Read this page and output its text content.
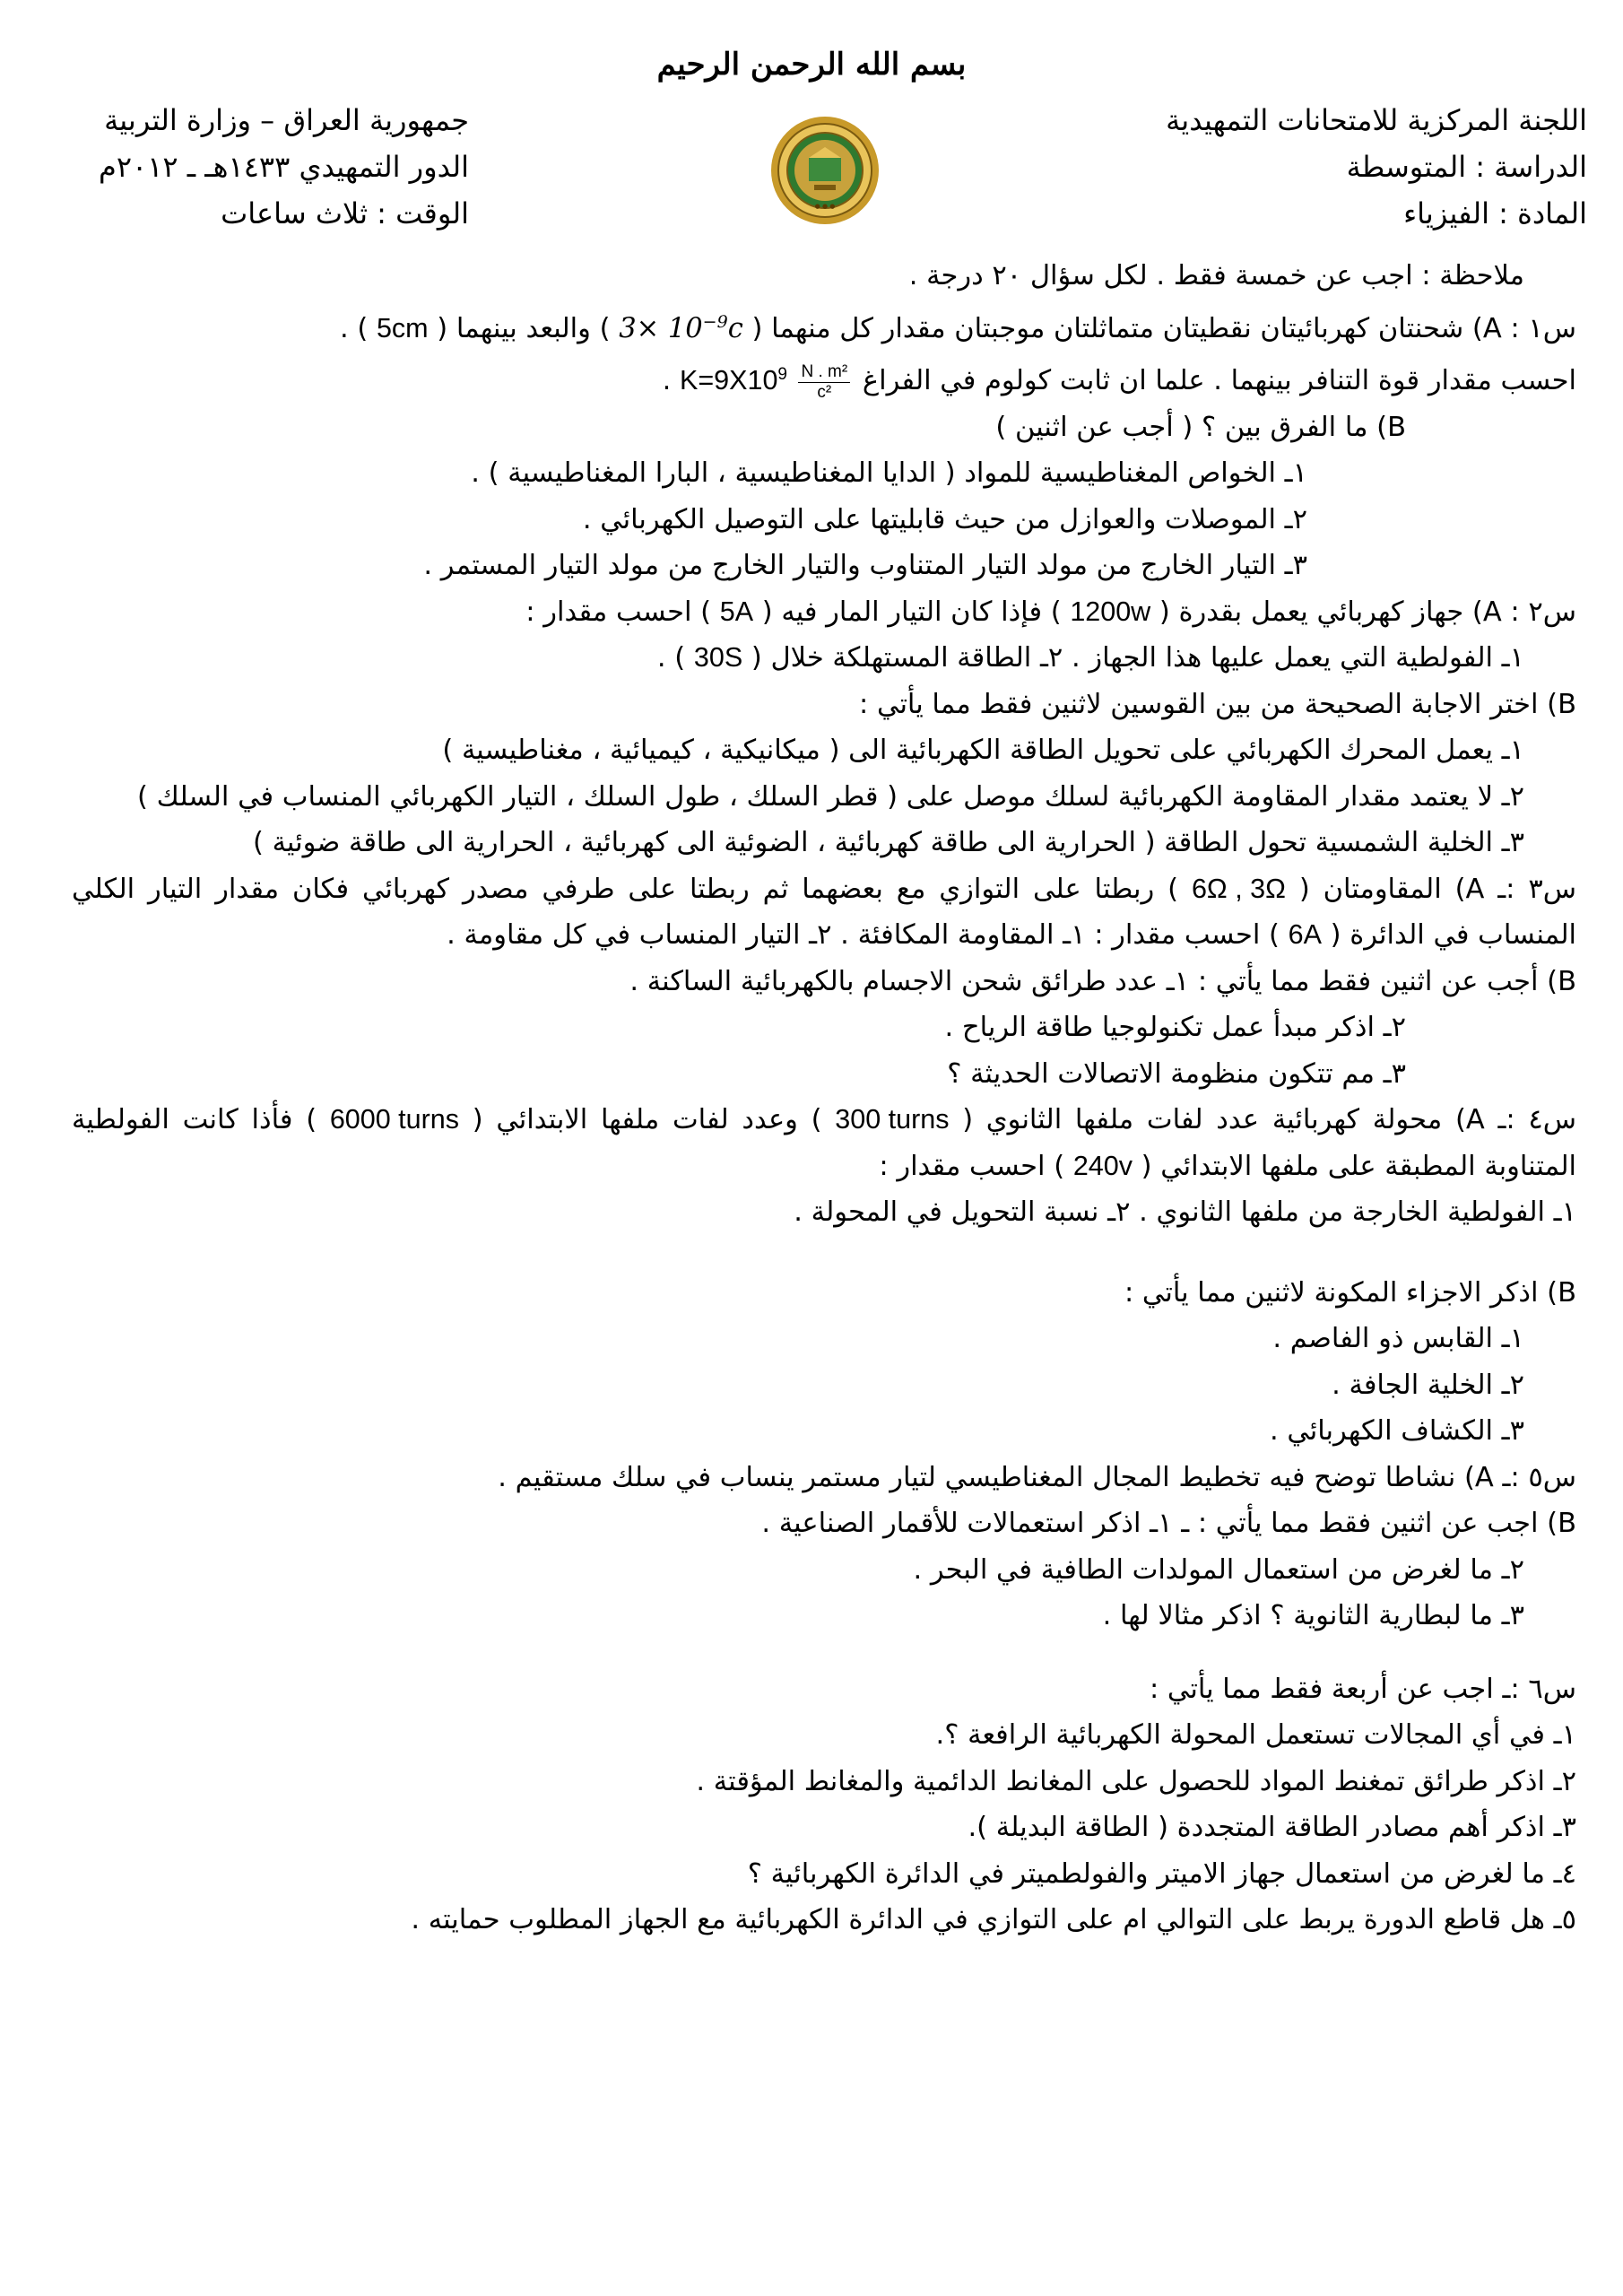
بسم الله الرحمن الرحيم
اللجنة المركزية للامتحانات التمهيدية
الدراسة : المتوسطة
المادة : الفيزياء
جمهورية العراق – وزارة التربية
الدور التمهيدي ١٤٣٣هـ ـ ٢٠١٢م
الوقت : ثلاث ساعات	● ● ●
ملاحظة : اجب عن خمسة فقط . لكل سؤال ٢٠ درجة .
س١ : A) شحنتان كهربائيتان نقطيتان متماثلتان موجبتان مقدار كل منهما ( $3\times 10^{-9}c$ ) والبعد بينهما ( 5cm ) .
احسب مقدار قوة التنافر بينهما . علما ان ثابت كولوم في الفراغ $K=9X10^9 \frac{\text{N . m²}}{\text{c²}}$
.
B) ما الفرق بين ؟ ( أجب عن اثنين )
١ـ الخواص المغناطيسية للمواد ( الدايا المغناطيسية ، البارا المغناطيسية ) .
٢ـ الموصلات والعوازل من حيث قابليتها على التوصيل الكهربائي .
٣ـ التيار الخارج من مولد التيار المتناوب والتيار الخارج من مولد التيار المستمر .
س٢ : A) جهاز كهربائي يعمل بقدرة ( 1200w ) فإذا كان التيار المار فيه ( 5A ) احسب مقدار :
١ـ الفولطية التي يعمل عليها هذا الجهاز . ٢ـ الطاقة المستهلكة خلال ( 30S ) .
B) اختر الاجابة الصحيحة من بين القوسين لاثنين فقط مما يأتي :
١ـ يعمل المحرك الكهربائي على تحويل الطاقة الكهربائية الى ( ميكانيكية ، كيميائية ، مغناطيسية )
٢ـ لا يعتمد مقدار المقاومة الكهربائية لسلك موصل على ( قطر السلك ، طول السلك ، التيار الكهربائي المنساب في السلك )
٣ـ الخلية الشمسية تحول الطاقة ( الحرارية الى طاقة كهربائية ، الضوئية الى كهربائية ، الحرارية الى طاقة ضوئية )
س٣ :ـ A) المقاومتان ( 6Ω , 3Ω ) ربطتا على التوازي مع بعضهما ثم ربطتا على طرفي مصدر كهربائي فكان مقدار التيار الكلي المنساب في الدائرة ( 6A ) احسب مقدار : ١ـ المقاومة المكافئة . ٢ـ التيار المنساب في كل مقاومة .
B) أجب عن اثنين فقط مما يأتي : ١ـ عدد طرائق شحن الاجسام بالكهربائية الساكنة .
٢ـ اذكر مبدأ عمل تكنولوجيا طاقة الرياح .
٣ـ مم تتكون منظومة الاتصالات الحديثة ؟
س٤ :ـ A) محولة كهربائية عدد لفات ملفها الثانوي ( 300 turns ) وعدد لفات ملفها الابتدائي ( 6000 turns ) فأذا كانت الفولطية المتناوبة المطبقة على ملفها الابتدائي ( 240v ) احسب مقدار :
١ـ الفولطية الخارجة من ملفها الثانوي . ٢ـ نسبة التحويل في المحولة .
B) اذكر الاجزاء المكونة لاثنين مما يأتي :
١ـ القابس ذو الفاصم .
٢ـ الخلية الجافة .
٣ـ الكشاف الكهربائي .
س٥ :ـ A) نشاطا توضح فيه تخطيط المجال المغناطيسي لتيار مستمر ينساب في سلك مستقيم .
B) اجب عن اثنين فقط مما يأتي : ـ ١ـ اذكر استعمالات للأقمار الصناعية .
٢ـ ما لغرض من استعمال المولدات الطافية في البحر .
٣ـ ما لبطارية الثانوية ؟ اذكر مثالا لها .
س٦ :ـ اجب عن أربعة فقط مما يأتي :
١ـ في أي المجالات تستعمل المحولة الكهربائية الرافعة ؟.
٢ـ اذكر طرائق تمغنط المواد للحصول على المغانط الدائمية والمغانط المؤقتة .
٣ـ اذكر أهم مصادر الطاقة المتجددة ( الطاقة البديلة ).
٤ـ ما لغرض من استعمال جهاز الاميتر والفولطميتر في الدائرة الكهربائية ؟
٥ـ هل قاطع الدورة يربط على التوالي ام على التوازي في الدائرة الكهربائية مع الجهاز المطلوب حمايته .
